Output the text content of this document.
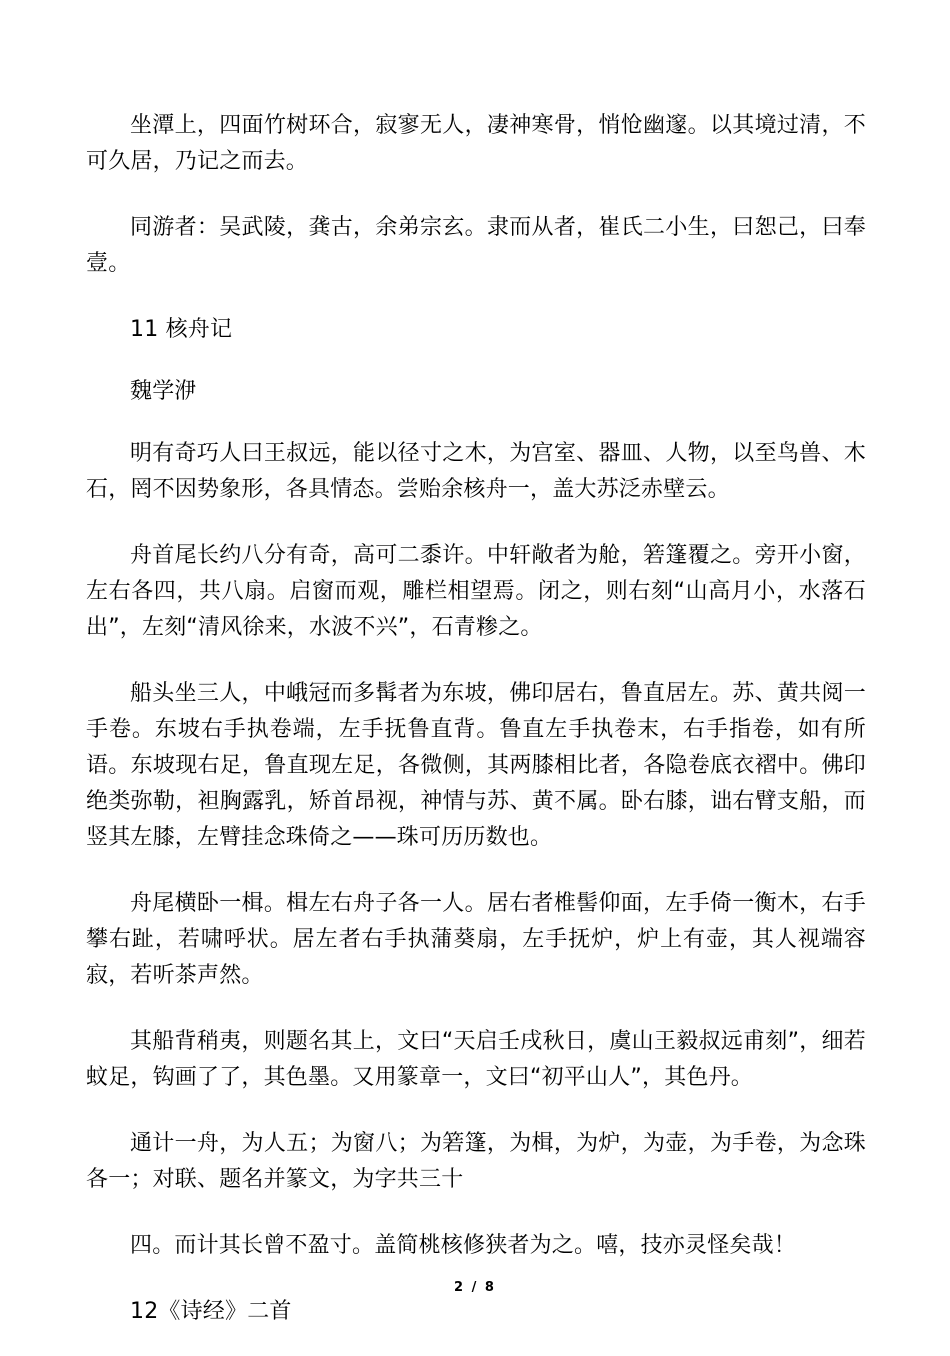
坐潭上，四面竹树环合，寂寥无人，凄神寒骨，悄怆幽邃。以其境过清，不可久居，乃记之而去。

同游者：吴武陵，龚古，余弟宗玄。隶而从者，崔氏二小生，曰恕己，曰奉壹。

11 核舟记

魏学洢

明有奇巧人曰王叔远，能以径寸之木，为宫室、器皿、人物，以至鸟兽、木石，罔不因势象形，各具情态。尝贻余核舟一，盖大苏泛赤壁云。

舟首尾长约八分有奇，高可二黍许。中轩敞者为舱，箬篷覆之。旁开小窗，左右各四，共八扇。启窗而观，雕栏相望焉。闭之，则右刻“山高月小，水落石出”，左刻“清风徐来，水波不兴”，石青糁之。

船头坐三人，中峨冠而多髯者为东坡，佛印居右，鲁直居左。苏、黄共阅一手卷。东坡右手执卷端，左手抚鲁直背。鲁直左手执卷末，右手指卷，如有所语。东坡现右足，鲁直现左足，各微侧，其两膝相比者，各隐卷底衣褶中。佛印绝类弥勒，袒胸露乳，矫首昂视，神情与苏、黄不属。卧右膝，诎右臂支船，而竖其左膝，左臂挂念珠倚之——珠可历历数也。

舟尾横卧一楫。楫左右舟子各一人。居右者椎髻仰面，左手倚一衡木，右手攀右趾，若啸呼状。居左者右手执蒲葵扇，左手抚炉，炉上有壶，其人视端容寂，若听茶声然。

其船背稍夷，则题名其上，文曰“天启壬戌秋日，虞山王毅叔远甫刻”，细若蚊足，钩画了了，其色墨。又用篆章一，文曰“初平山人”，其色丹。

通计一舟，为人五；为窗八；为箬篷，为楫，为炉，为壶，为手卷，为念珠各一；对联、题名并篆文，为字共三十

四。而计其长曾不盈寸。盖简桃核修狭者为之。嘻，技亦灵怪矣哉！

12《诗经》二首

2 / 8
